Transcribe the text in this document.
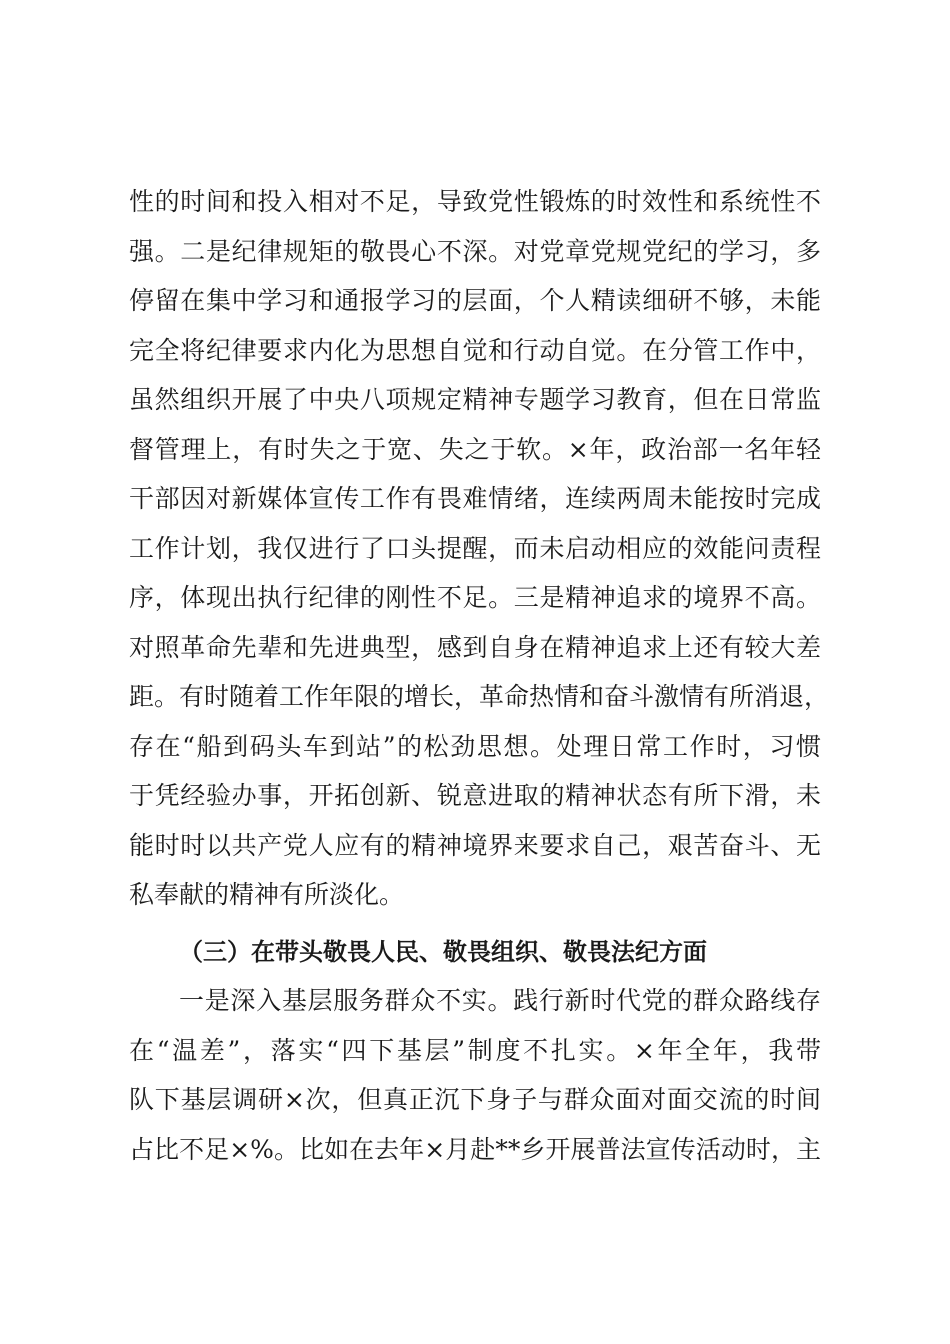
性的时间和投入相对不足，导致党性锻炼的时效性和系统性不
强。二是纪律规矩的敬畏心不深。对党章党规党纪的学习，多
停留在集中学习和通报学习的层面，个人精读细研不够，未能
完全将纪律要求内化为思想自觉和行动自觉。在分管工作中，
虽然组织开展了中央八项规定精神专题学习教育，但在日常监
督管理上，有时失之于宽、失之于软。×年，政治部一名年轻
干部因对新媒体宣传工作有畏难情绪，连续两周未能按时完成
工作计划，我仅进行了口头提醒，而未启动相应的效能问责程
序，体现出执行纪律的刚性不足。三是精神追求的境界不高。
对照革命先辈和先进典型，感到自身在精神追求上还有较大差
距。有时随着工作年限的增长，革命热情和奋斗激情有所消退，
存在“船到码头车到站”的松劲思想。处理日常工作时，习惯
于凭经验办事，开拓创新、锐意进取的精神状态有所下滑，未
能时时以共产党人应有的精神境界来要求自己，艰苦奋斗、无
私奉献的精神有所淡化。
（三）在带头敬畏人民、敬畏组织、敬畏法纪方面
一是深入基层服务群众不实。践行新时代党的群众路线存
在“温差”，落实“四下基层”制度不扎实。×年全年，我带
队下基层调研×次，但真正沉下身子与群众面对面交流的时间
占比不足×%。比如在去年×月赴**乡开展普法宣传活动时，主
